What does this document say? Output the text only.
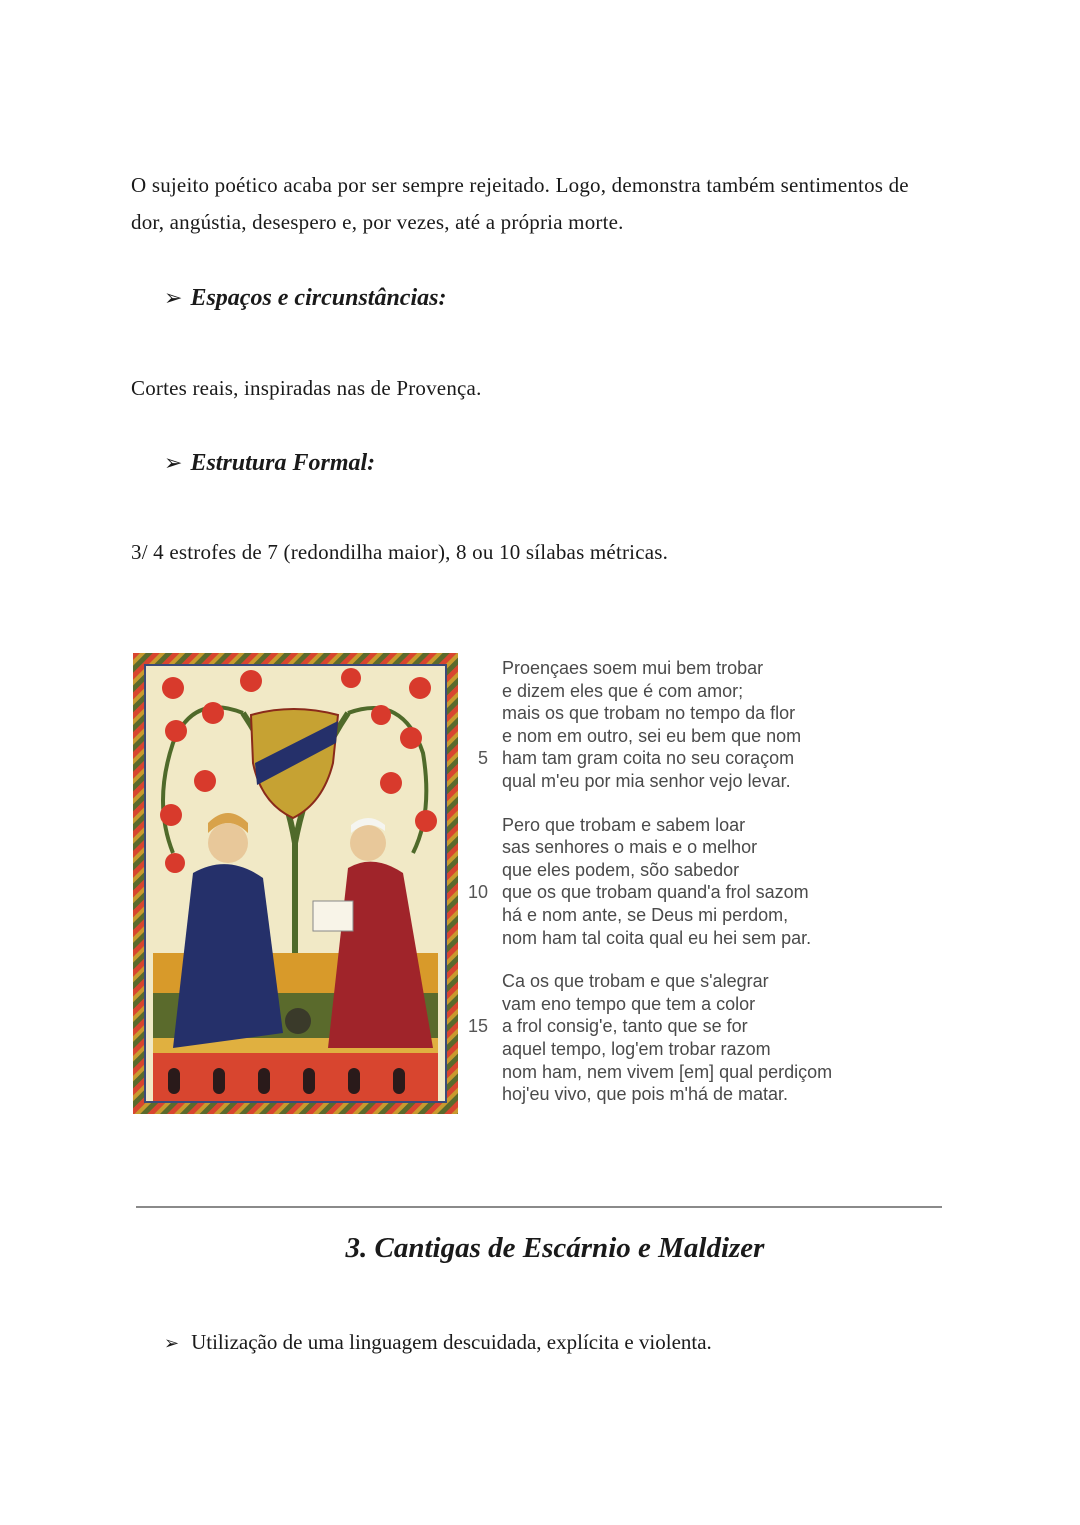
O sujeito poético acaba por ser sempre rejeitado. Logo, demonstra também sentimentos de dor, angústia, desespero e, por vezes, até a própria morte.

➢ Espaços e circunstâncias:

Cortes reais, inspiradas nas de Provença.

➢ Estrutura Formal:

3/ 4 estrofes de 7 (redondilha maior), 8 ou 10 sílabas métricas.

Proençaes soem mui bem trobar
e dizem eles que é com amor;
mais os que trobam no tempo da flor
e nom em outro, sei eu bem que nom
5 ham tam gram coita no seu coraçom
qual m'eu por mia senhor vejo levar.
Pero que trobam e sabem loar
sas senhores o mais e o melhor
que eles podem, sõo sabedor
10 que os que trobam quand'a frol sazom
há e nom ante, se Deus mi perdom,
nom ham tal coita qual eu hei sem par.
Ca os que trobam e que s'alegrar
vam eno tempo que tem a color
15 a frol consig'e, tanto que se for
aquel tempo, log'em trobar razom
nom ham, nem vivem [em] qual perdiçom
hoj'eu vivo, que pois m'há de matar.
3. Cantigas de Escárnio e Maldizer
➢ Utilização de uma linguagem descuidada, explícita e violenta.
